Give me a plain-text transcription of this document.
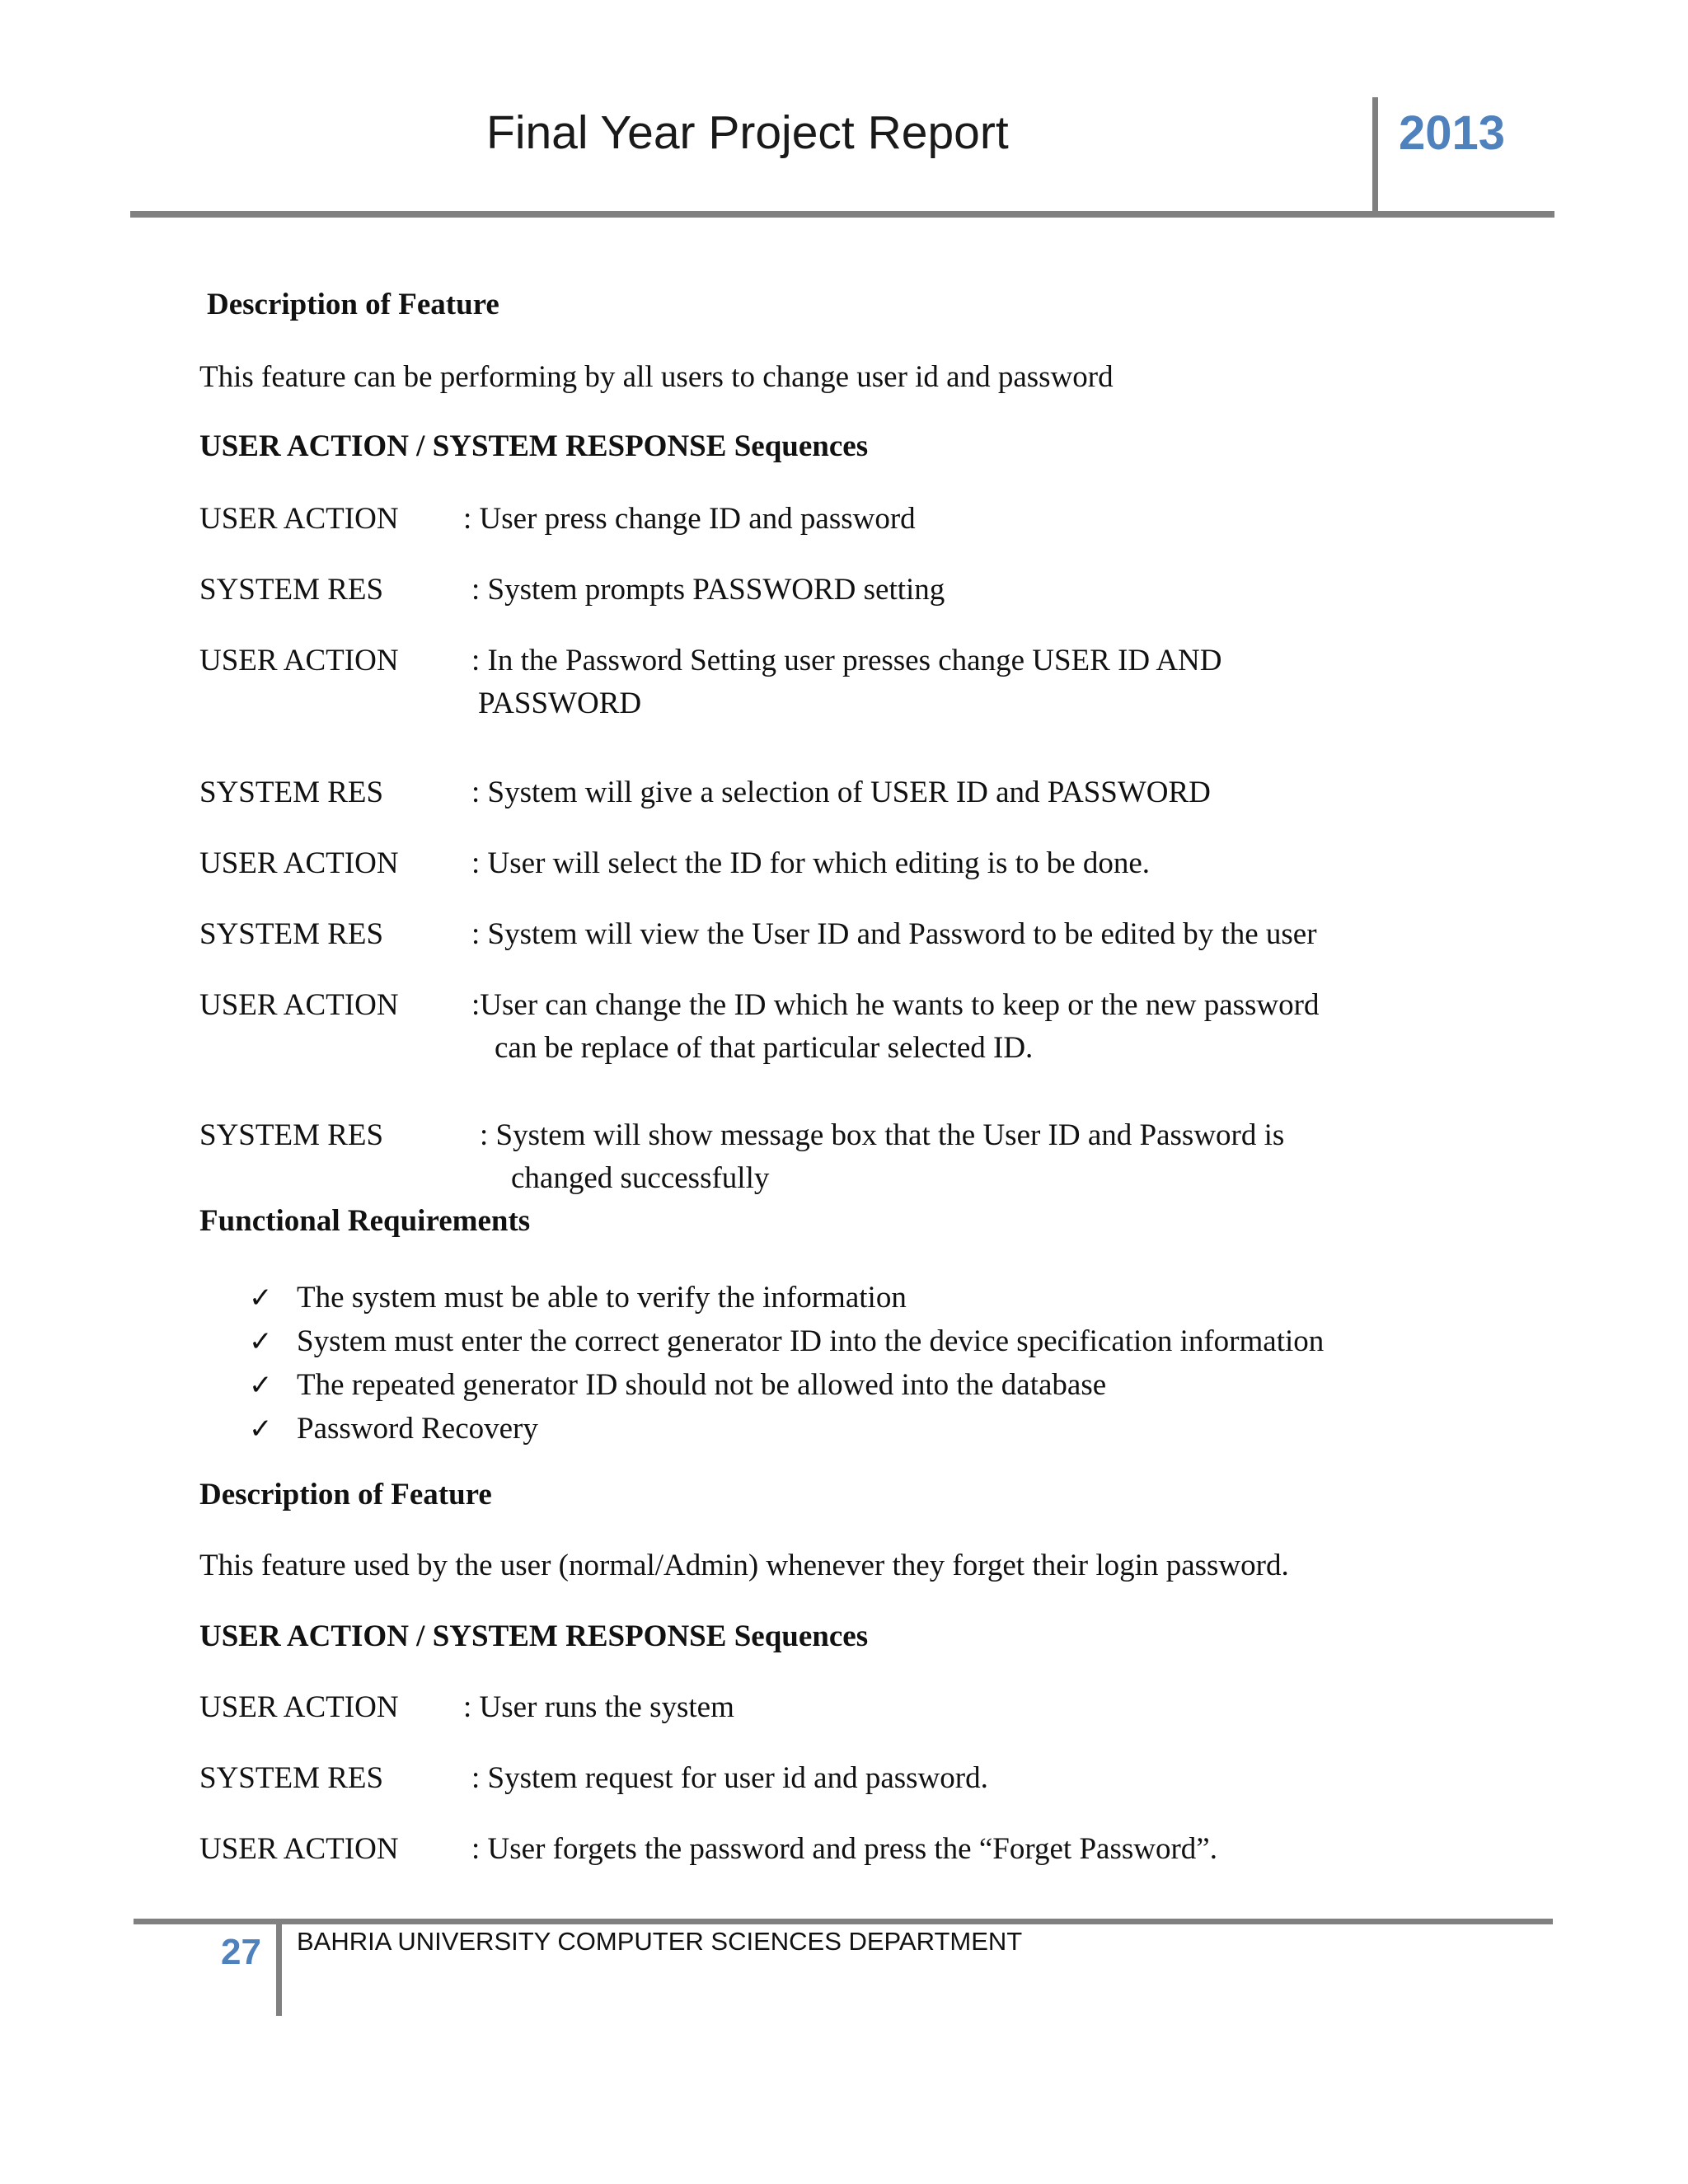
Final Year Project Report	2013
Description of Feature
This feature can be performing by all users to change user id and password
USER ACTION / SYSTEM RESPONSE Sequences
USER ACTION : User press change ID and password
SYSTEM RES	: System prompts PASSWORD setting
USER ACTION : In the Password Setting user presses change USER ID AND
PASSWORD
SYSTEM RES	: System will give a selection of USER ID and PASSWORD
USER ACTION : User will select the ID for which editing is to be done.
SYSTEM RES	: System will view the User ID and Password to be edited by the user
USER ACTION :User can change the ID which he wants to keep or the new password
can be replace of that particular selected ID.
SYSTEM RES	: System will show message box that the User ID and Password is
changed successfully
Functional Requirements
✓ The system must be able to verify the information
✓ System must enter the correct generator ID into the device specification information
✓ The repeated generator ID should not be allowed into the database
✓ Password Recovery
Description of Feature
This feature used by the user (normal/Admin) whenever they forget their login password.
USER ACTION / SYSTEM RESPONSE Sequences
USER ACTION : User runs the system
SYSTEM RES	: System request for user id and password.
USER ACTION : User forgets the password and press the “Forget Password”.
27 BAHRIA UNIVERSITY COMPUTER SCIENCES DEPARTMENT
